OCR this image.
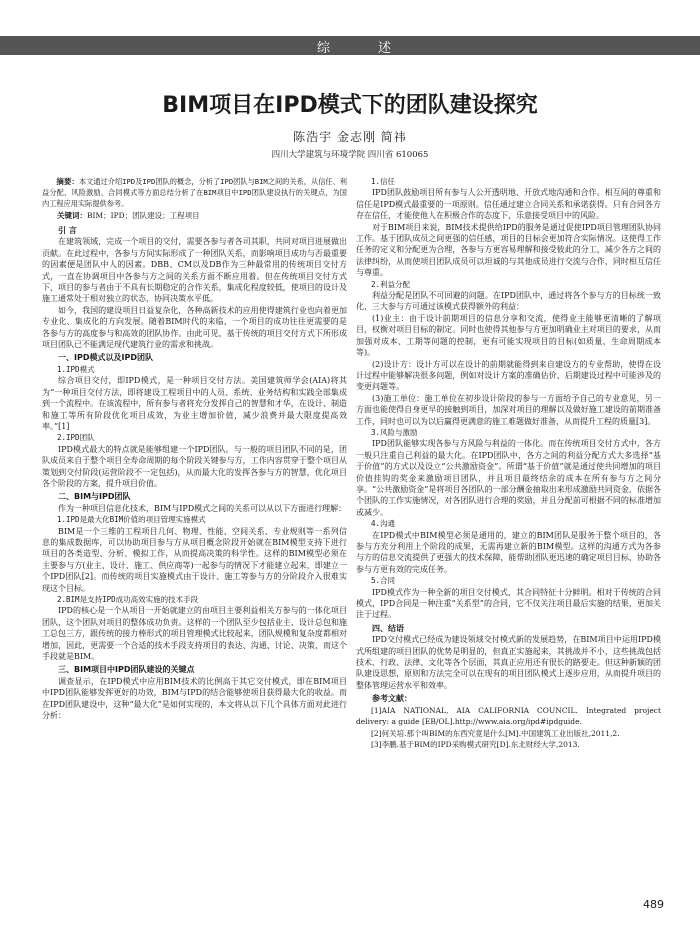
综	述
BIM项目在IPD模式下的团队建设探究
陈浩宇 金志刚 简祎
四川大学建筑与环境学院 四川省 610065
摘要：本文通过介绍IPD及IPD团队的概念，分析了IPD团队与BIM之间的关系，从信任、利益分配、风险激励、合同模式等方面总结分析了在BIM项目中IPD团队建设执行的关键点，为国内工程应用实际提供参考。
关键词：BIM；IPD；团队建设；工程项目
引 言
在建筑领域，完成一个项目的交付，需要各参与者各司其职，共同对项目进展做出贡献。在此过程中，各参与方间实际形成了一种团队关系，而影响项目成功与否最重要的因素便是团队中人的因素。DBB、CM以及DB作为三种最常用的传统项目交付方式，一直在协调项目中各参与方之间的关系方面不断应用着。但在传统项目交付方式下，项目的参与者由于不具有长期稳定的合作关系，集成化程度较低，使项目的设计及施工通常处于相对独立的状态，协同决策水平低。
如今，我国的建设项目日益复杂化，各种高新技术的应用使得建筑行业也向着更加专业化、集成化的方向发展。随着BIM时代的来临，一个项目的成功往往更需要的是各参与方的高度参与和高效的团队协作。由此可见，基于传统的项目交付方式下所形成项目团队已不能满足现代建筑行业的需求和挑战。
一、IPD模式以及IPD团队
1.IPD模式
综合项目交付，即IPD模式，是一种项目交付方法。美国建筑师学会(AIA)将其为“一种项目交付方法，即将建设工程项目中的人员、系统、业务结构和实践全部集成到一个流程中。在该流程中，所有参与者将充分发挥自己的智慧和才华，在设计、制造和施工等所有阶段优化项目成效，为业主增加价值，减少浪费并最大限度提高效率。”[1]
2.IPD团队
IPD模式最大的特点就是能够组建一个IPD团队。与一般的项目团队不同的是，团队成员来自于整个项目全寿命周期的每个阶段关键参与方，工作内容贯穿于整个项目从策划到交付阶段(运营阶段不一定包括)，从而最大化的发挥各参与方的智慧，优化项目各个阶段的方案，提升项目价值。
二、BIM与IPD团队
作为一种项目信息化技术，BIM与IPD模式之间的关系可以从以下方面进行理解：
1.IPD是最大化BIM价值的项目管理实施模式
BIM是一个三维的工程项目几何、物理、性能、空间关系、专业规则等一系列信息的集成数据库，可以协助项目参与方从项目概念阶段开始就在BIM模型支持下进行项目的各类造型、分析、模拟工作，从而提高决策的科学性。这样的BIM模型必须在主要参与方(业主、设计、施工、供应商等)一起参与的情况下才能建立起来，即建立一个IPD团队[2]。而传统的项目实施模式由于设计、施工等参与方的分阶段介入很难实现这个目标。
2.BIM是支持IPD成功高效实施的技术手段
IPD的核心是一个从项目一开始就建立的由项目主要利益相关方参与的一体化项目团队，这个团队对项目的整体成功负责。这样的一个团队至少包括业主、设计总包和施工总包三方，跟传统的接力棒形式的项目管理模式比较起来，团队规模和复杂度都相对增加，因此，更需要一个合适的技术手段支持项目的表达、沟通、讨论、决策，而这个手段就是BIM。
三、BIM项目中IPD团队建设的关键点
调查显示，在IPD模式中应用BIM技术的比例高于其它交付模式，即在BIM项目中IPD团队能够发挥更好的功效，BIM与IPD的结合能够使项目获得最大化的收益。而在IPD团队建设中，这种“最大化”是如何实现的，本文将从以下几个具体方面对此进行分析：
1.信任
IPD团队鼓励项目所有参与人公开透明地、开放式地沟通和合作。相互间的尊重和信任是IPD模式最重要的一项原则。信任通过建立合同关系和承诺获得。只有合同各方存在信任，才能使他人在积极合作的态度下，乐意接受项目中的风险。
对于BIM项目来说，BIM技术提供给IPD的服务是通过促使IPD项目管理团队协同工作。基于团队成员之间更强的信任感，项目的目标会更加符合实际情况。这使得工作任务的定义和分配更为合理，各参与方更容易理解和接受彼此的分工，减少各方之间的法律纠纷，从而使项目团队成员可以坦诚的与其他成员进行交流与合作，同时相互信任与尊重。
2.利益分配
利益分配是团队不可回避的问题。在IPD团队中，通过将各个参与方的目标统一致化，三大参与方可通过该模式获得额外的利益：
(1)业主：由于设计前期项目的信息分享和交流，使得业主能够更清晰的了解项目，权衡对项目目标的制定。同时也使得其他参与方更加明确业主对项目的要求，从而加强对成本、工期等问题的控制，更有可能实现项目的目标(如质量、生命周期成本等)。
(2)设计方：设计方可以在设计的前期就能得到来自建设方的专业帮助，使得在设计过程中能够解决很多问题，例如对设计方案的准确估价、后期建设过程中可能涉及的变更问题等。
(3)施工单位：施工单位在初步设计阶段的参与一方面给予自己的专业意见，另一方面也能使得自身更早的接触到项目，加深对项目的理解以及做好施工建设的前期准备工作，同时也可以为以后赢得更满意的施工难题做好准备，从而提升工程的质量[3]。
3.风险与激励
IPD团队能够实现各参与方风险与利益的一体化。而在传统项目交付方式中，各方一般只注重自己利益的最大化。在IPD团队中，各方之间的利益分配方式大多选择“基于价值”的方式以及设立“公共激励资金”。所谓“基于价值”就是通过使共同增加的项目价值挂钩的奖金来激励项目团队，并且项目最终结余的成本在所有参与方之间分享。“公共激励资金”是将项目各团队的一部分酬金抽取出来形成激励共同资金，依据各个团队的工作实施情况，对各团队进行合理的奖励，并且分配前可根据不同的标准增加或减少。
4.沟通
在IPD模式中BIM模型必须是通用的，建立的BIM团队是服务于整个项目的，各参与方充分利用上个阶段的成果，无需再建立新的BIM模型。这样的沟通方式为各参与方的信息交流提供了更强大的技术保障，能帮助团队更迅速的确定项目目标，协助各参与方更有效的完成任务。
5.合同
IPD模式作为一种全新的项目交付模式，其合同特征十分鲜明。相对于传统的合同模式，IPD合同是一种注重“关系型”的合同，它不仅关注项目最后实施的结果，更加关注于过程。
四、结语
IPD交付模式已经成为建设领域交付模式新的发展趋势，在BIM项目中运用IPD模式所组建的项目团队的优势是明显的，但真正实施起来，其挑战并不小，这些挑战包括技术、行政、法律、文化等各个层面，其真正应用还有很长的路要走。但这种新颖的团队建设思想，原则和方法完全可以在现有的项目团队模式上逐步应用，从而提升项目的整体管理运营水平和效率。
参考文献：
[1]AIA NATIONAL, AIA CALIFORNIA COUNCIL. Integrated project delivery: a guide [EB/OL].http://www.aia.org/ipd#ipdguide.
[2]何关培.那个叫BIM的东西究竟是什么[M].中国建筑工业出版社,2011,2.
[3]李鹏.基于BIM的IPD采购模式研究[D].东北财经大学,2013.
489
